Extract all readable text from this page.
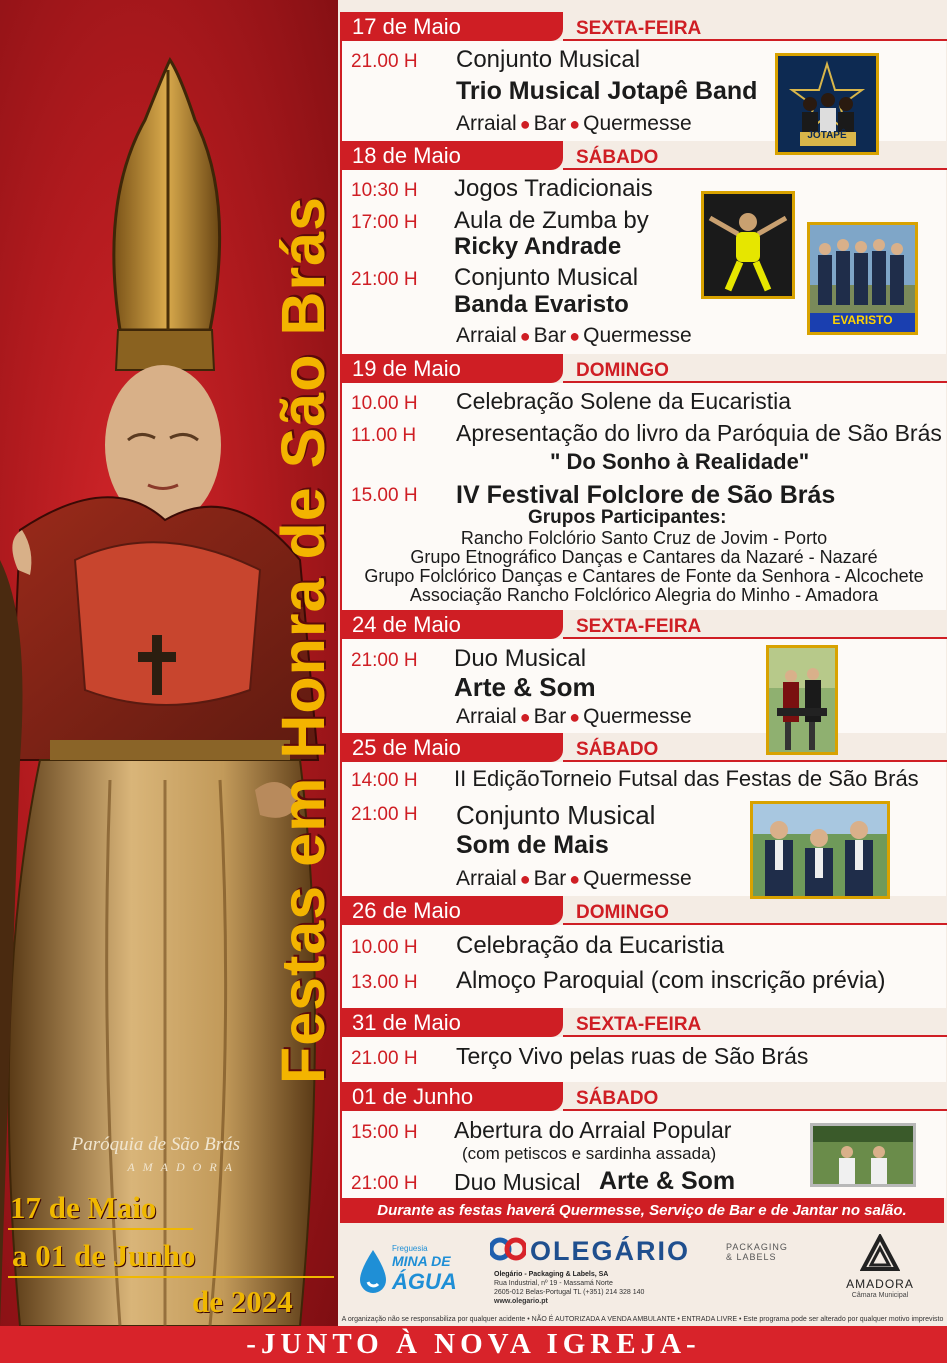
Festas em Honra de São Brás
Paróquia de São Brás
AMADORA
17 de Maio
a 01 de Junho
de 2024
17 de Maio	SEXTA-FEIRA
21.00 H Conjunto Musical
Trio Musical Jotapê Band
Arraial ● Bar ● Quermesse
JOTAPÊ
18 de Maio	SÁBADO
10:30 H Jogos Tradicionais
17:00 H Aula de Zumba by
Ricky Andrade
21:00 H Conjunto Musical
Banda Evaristo
Arraial ● Bar ● Quermesse
EVARISTO
19 de Maio	DOMINGO
10.00 H Celebração Solene da Eucaristia
11.00 H Apresentação do livro da Paróquia de São Brás
" Do Sonho à Realidade"
15.00 H IV Festival Folclore de São Brás
Grupos Participantes:
Rancho Folclório Santo Cruz de Jovim - Porto
Grupo Etnográfico Danças e Cantares da Nazaré - Nazaré
Grupo Folclórico Danças e Cantares de Fonte da Senhora - Alcochete
Associação Rancho Folclórico Alegria do Minho - Amadora
24 de Maio	SEXTA-FEIRA
21:00 H Duo Musical
Arte & Som
Arraial ● Bar ● Quermesse
25 de Maio	SÁBADO
14:00 H II EdiçãoTorneio Futsal das Festas de São Brás
21:00 H Conjunto Musical
Som de Mais
Arraial ● Bar ● Quermesse
26 de Maio	DOMINGO
10.00 H Celebração da Eucaristia
13.00 H Almoço Paroquial (com inscrição prévia)
31 de Maio	SEXTA-FEIRA
21.00 H Terço Vivo pelas ruas de São Brás
01 de Junho	SÁBADO
15:00 H Abertura do Arraial Popular
(com petiscos e sardinha assada)
21:00 H Duo Musical Arte & Som
Durante as festas haverá Quermesse, Serviço de Bar e de Jantar no salão.
Freguesia
MINA DE
ÁGUA
OLEGÁRIO	PACKAGING
& LABELS
Olegário - Packaging & Labels, SA
Rua Industrial, nº 19 - Massamá Norte
2605-012 Belas-Portugal TL (+351) 214 328 140
www.olegario.pt
AMADORA
Câmara Municipal
A organização não se responsabiliza por qualquer acidente • NÃO É AUTORIZADA A VENDA AMBULANTE • ENTRADA LIVRE • Este programa pode ser alterado por qualquer motivo imprevisto
-JUNTO À NOVA IGREJA-
